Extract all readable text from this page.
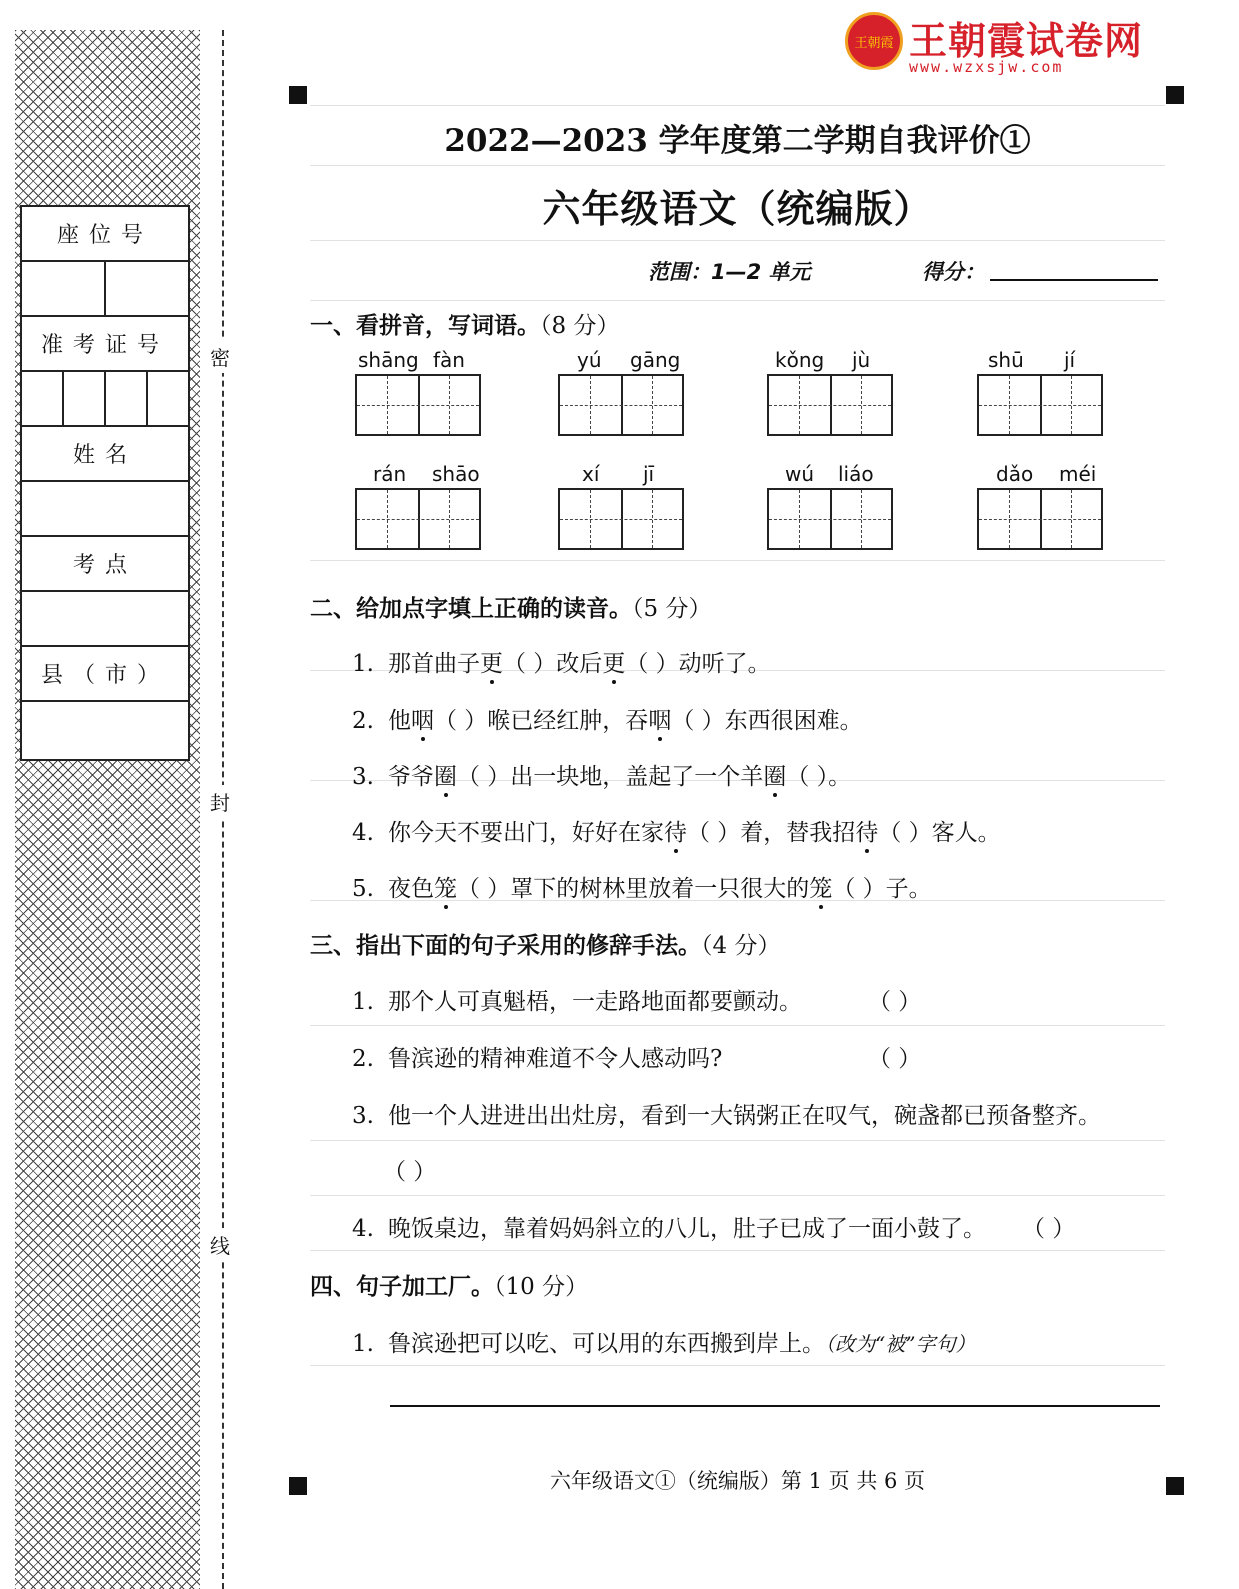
座位号
准考证号
姓名
考点
县（市）
密
封
线
王朝霞 王朝霞试卷网
www.wzxsjw.com
2022—2023 学年度第二学期自我评价①
六年级语文（统编版）
范围：1—2 单元	得分：
一、看拼音，写词语。（8 分）
shāng fàn	yú gāng	kǒng jù	shū jí
rán shāo	xí jī	wú liáo	dǎo méi
二、给加点字填上正确的读音。（5 分）
1. 那首曲子更（ ）改后更（ ）动听了。
2. 他咽（ ）喉已经红肿，吞咽（ ）东西很困难。
3. 爷爷圈（ ）出一块地，盖起了一个羊圈（ ）。
4. 你今天不要出门，好好在家待（ ）着，替我招待（ ）客人。
5. 夜色笼（ ）罩下的树林里放着一只很大的笼（ ）子。
三、指出下面的句子采用的修辞手法。（4 分）
1. 那个人可真魁梧，一走路地面都要颤动。	（ ）
2. 鲁滨逊的精神难道不令人感动吗?	（ ）
3. 他一个人进进出出灶房，看到一大锅粥正在叹气，碗盏都已预备整齐。
（ ）
4. 晚饭桌边，靠着妈妈斜立的八儿，肚子已成了一面小鼓了。 （ ）
四、句子加工厂。（10 分）
1. 鲁滨逊把可以吃、可以用的东西搬到岸上。（改为“被”字句）
六年级语文①（统编版）第 1 页 共 6 页
